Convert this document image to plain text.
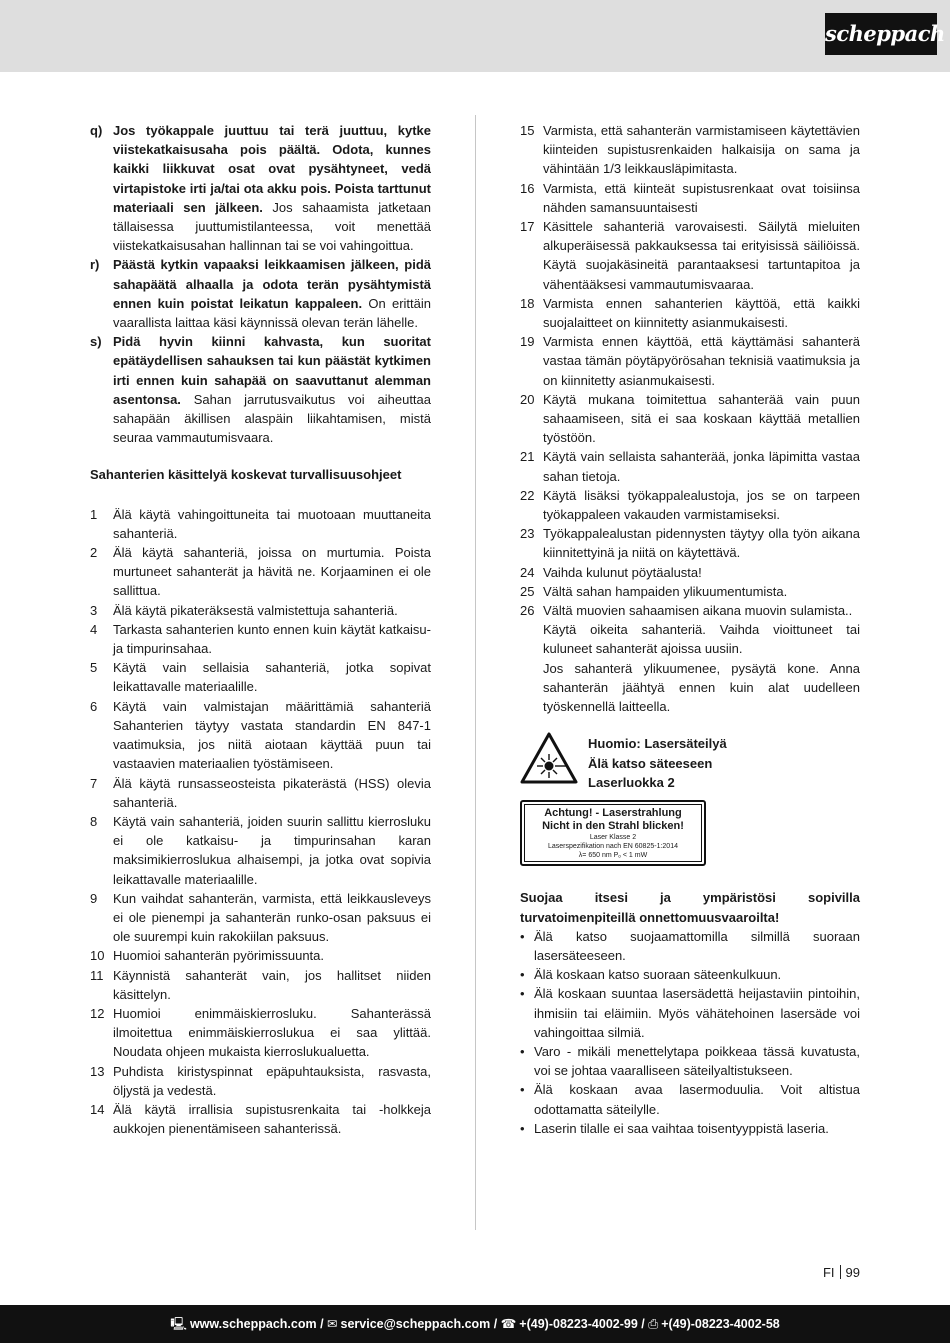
scheppach
q) Jos työkappale juuttuu tai terä juuttuu, kytke viistekatkaisusaha pois päältä. Odota, kunnes kaikki liikkuvat osat ovat pysähtyneet, vedä virtapistoke irti ja/tai ota akku pois. Poista tarttunut materiaali sen jälkeen. Jos sahaamista jatketaan tällaisessa juuttumistilanteessa, voit menettää viistekatkaisusahan hallinnan tai se voi vahingoittua.
r)	Päästä kytkin vapaaksi leikkaamisen jälkeen, pidä sahapäätä alhaalla ja odota terän pysähtymistä ennen kuin poistat leikatun kappaleen. On erittäin vaarallista laittaa käsi käynnissä olevan terän lähelle.
s) Pidä hyvin kiinni kahvasta, kun suoritat epätäydellisen sahauksen tai kun päästät kytkimen irti ennen kuin sahapää on saavuttanut alemman asentonsa. Sahan jarrutusvaikutus voi aiheuttaa sahapään äkillisen alaspäin liikahtamisen, mistä seuraa vammautumisvaara.
Sahanterien käsittelyä koskevat turvallisuusohjeet
1	Älä käytä vahingoittuneita tai muotoaan muuttaneita sahanteriä.
2	Älä käytä sahanteriä, joissa on murtumia. Poista murtuneet sahanterät ja hävitä ne. Korjaaminen ei ole sallittua.
3	Älä käytä pikateräksestä valmistettuja sahanteriä.
4	Tarkasta sahanterien kunto ennen kuin käytät katkaisu- ja timpurinsahaa.
5	Käytä vain sellaisia sahanteriä, jotka sopivat leikattavalle materiaalille.
6	Käytä vain valmistajan määrittämiä sahanteriä Sahanterien täytyy vastata standardin EN 847-1 vaatimuksia, jos niitä aiotaan käyttää puun tai vastaavien materiaalien työstämiseen.
7	Älä käytä runsasseosteista pikaterästä (HSS) olevia sahanteriä.
8	Käytä vain sahanteriä, joiden suurin sallittu kierrosluku ei ole katkaisu- ja timpurinsahan karan maksimikierroslukua alhaisempi, ja jotka ovat sopivia leikattavalle materiaalille.
9	Kun vaihdat sahanterän, varmista, että leikkausleveys ei ole pienempi ja sahanterän runko-osan paksuus ei ole suurempi kuin rakokiilan paksuus.
10 Huomioi sahanterän pyörimissuunta.
11 Käynnistä sahanterät vain, jos hallitset niiden käsittelyn.
12 Huomioi enimmäiskierrosluku. Sahanterässä ilmoitettua enimmäiskierroslukua ei saa ylittää. Noudata ohjeen mukaista kierroslukualuetta.
13 Puhdista kiristyspinnat epäpuhtauksista, rasvasta, öljystä ja vedestä.
14 Älä käytä irrallisia supistusrenkaita tai -holkkeja aukkojen pienentämiseen sahanterissä.
15 Varmista, että sahanterän varmistamiseen käytettävien kiinteiden supistusrenkaiden halkaisija on sama ja vähintään 1/3 leikkausläpimitasta.
16 Varmista, että kiinteät supistusrenkaat ovat toisiinsa nähden samansuuntaisesti
17 Käsittele sahanteriä varovaisesti. Säilytä mieluiten alkuperäisessä pakkauksessa tai erityisissä säiliöissä. Käytä suojakäsineitä parantaaksesi tartuntapitoa ja vähentääksesi vammautumisvaaraa.
18 Varmista ennen sahanterien käyttöä, että kaikki suojalaitteet on kiinnitetty asianmukaisesti.
19 Varmista ennen käyttöä, että käyttämäsi sahanterä vastaa tämän pöytäpyörösahan teknisiä vaatimuksia ja on kiinnitetty asianmukaisesti.
20 Käytä mukana toimitettua sahanterää vain puun sahaamiseen, sitä ei saa koskaan käyttää metallien työstöön.
21 Käytä vain sellaista sahanterää, jonka läpimitta vastaa sahan tietoja.
22 Käytä lisäksi työkappalealustoja, jos se on tarpeen työkappaleen vakauden varmistamiseksi.
23 Työkappalealustan pidennysten täytyy olla työn aikana kiinnitettyinä ja niitä on käytettävä.
24 Vaihda kulunut pöytäalusta!
25 Vältä sahan hampaiden ylikuumentumista.
26 Vältä muovien sahaamisen aikana muovin sulamista..
Käytä oikeita sahanteriä. Vaihda vioittuneet tai kuluneet sahanterät ajoissa uusiin.
Jos sahanterä ylikuumenee, pysäytä kone. Anna sahanterän jäähtyä ennen kuin alat uudelleen työskennellä laitteella.
Huomio: Lasersäteilyä
Älä katso säteeseen
Laserluokka 2
Achtung! - Laserstrahlung
Nicht in den Strahl blicken!
Laser Klasse 2
Laserspezifikation nach EN 60825-1:2014
λ= 650 nm Pₒ < 1 mW
Suojaa itsesi ja ympäristösi sopivilla turvatoimenpiteillä onnettomuusvaaroilta!
• Älä katso suojaamattomilla silmillä suoraan lasersäteeseen.
• Älä koskaan katso suoraan säteenkulkuun.
• Älä koskaan suuntaa lasersädettä heijastaviin pintoihin, ihmisiin tai eläimiin. Myös vähätehoinen lasersäde voi vahingoittaa silmiä.
• Varo - mikäli menettelytapa poikkeaa tässä kuvatusta, voi se johtaa vaaralliseen säteilyaltistukseen.
• Älä koskaan avaa lasermoduulia. Voit altistua odottamatta säteilylle.
• Laserin tilalle ei saa vaihtaa toisentyyppistä laseria.
FI 99
🖳 www.scheppach.com / ✉ service@scheppach.com / ☎ +(49)-08223-4002-99 / ⎙ +(49)-08223-4002-58
